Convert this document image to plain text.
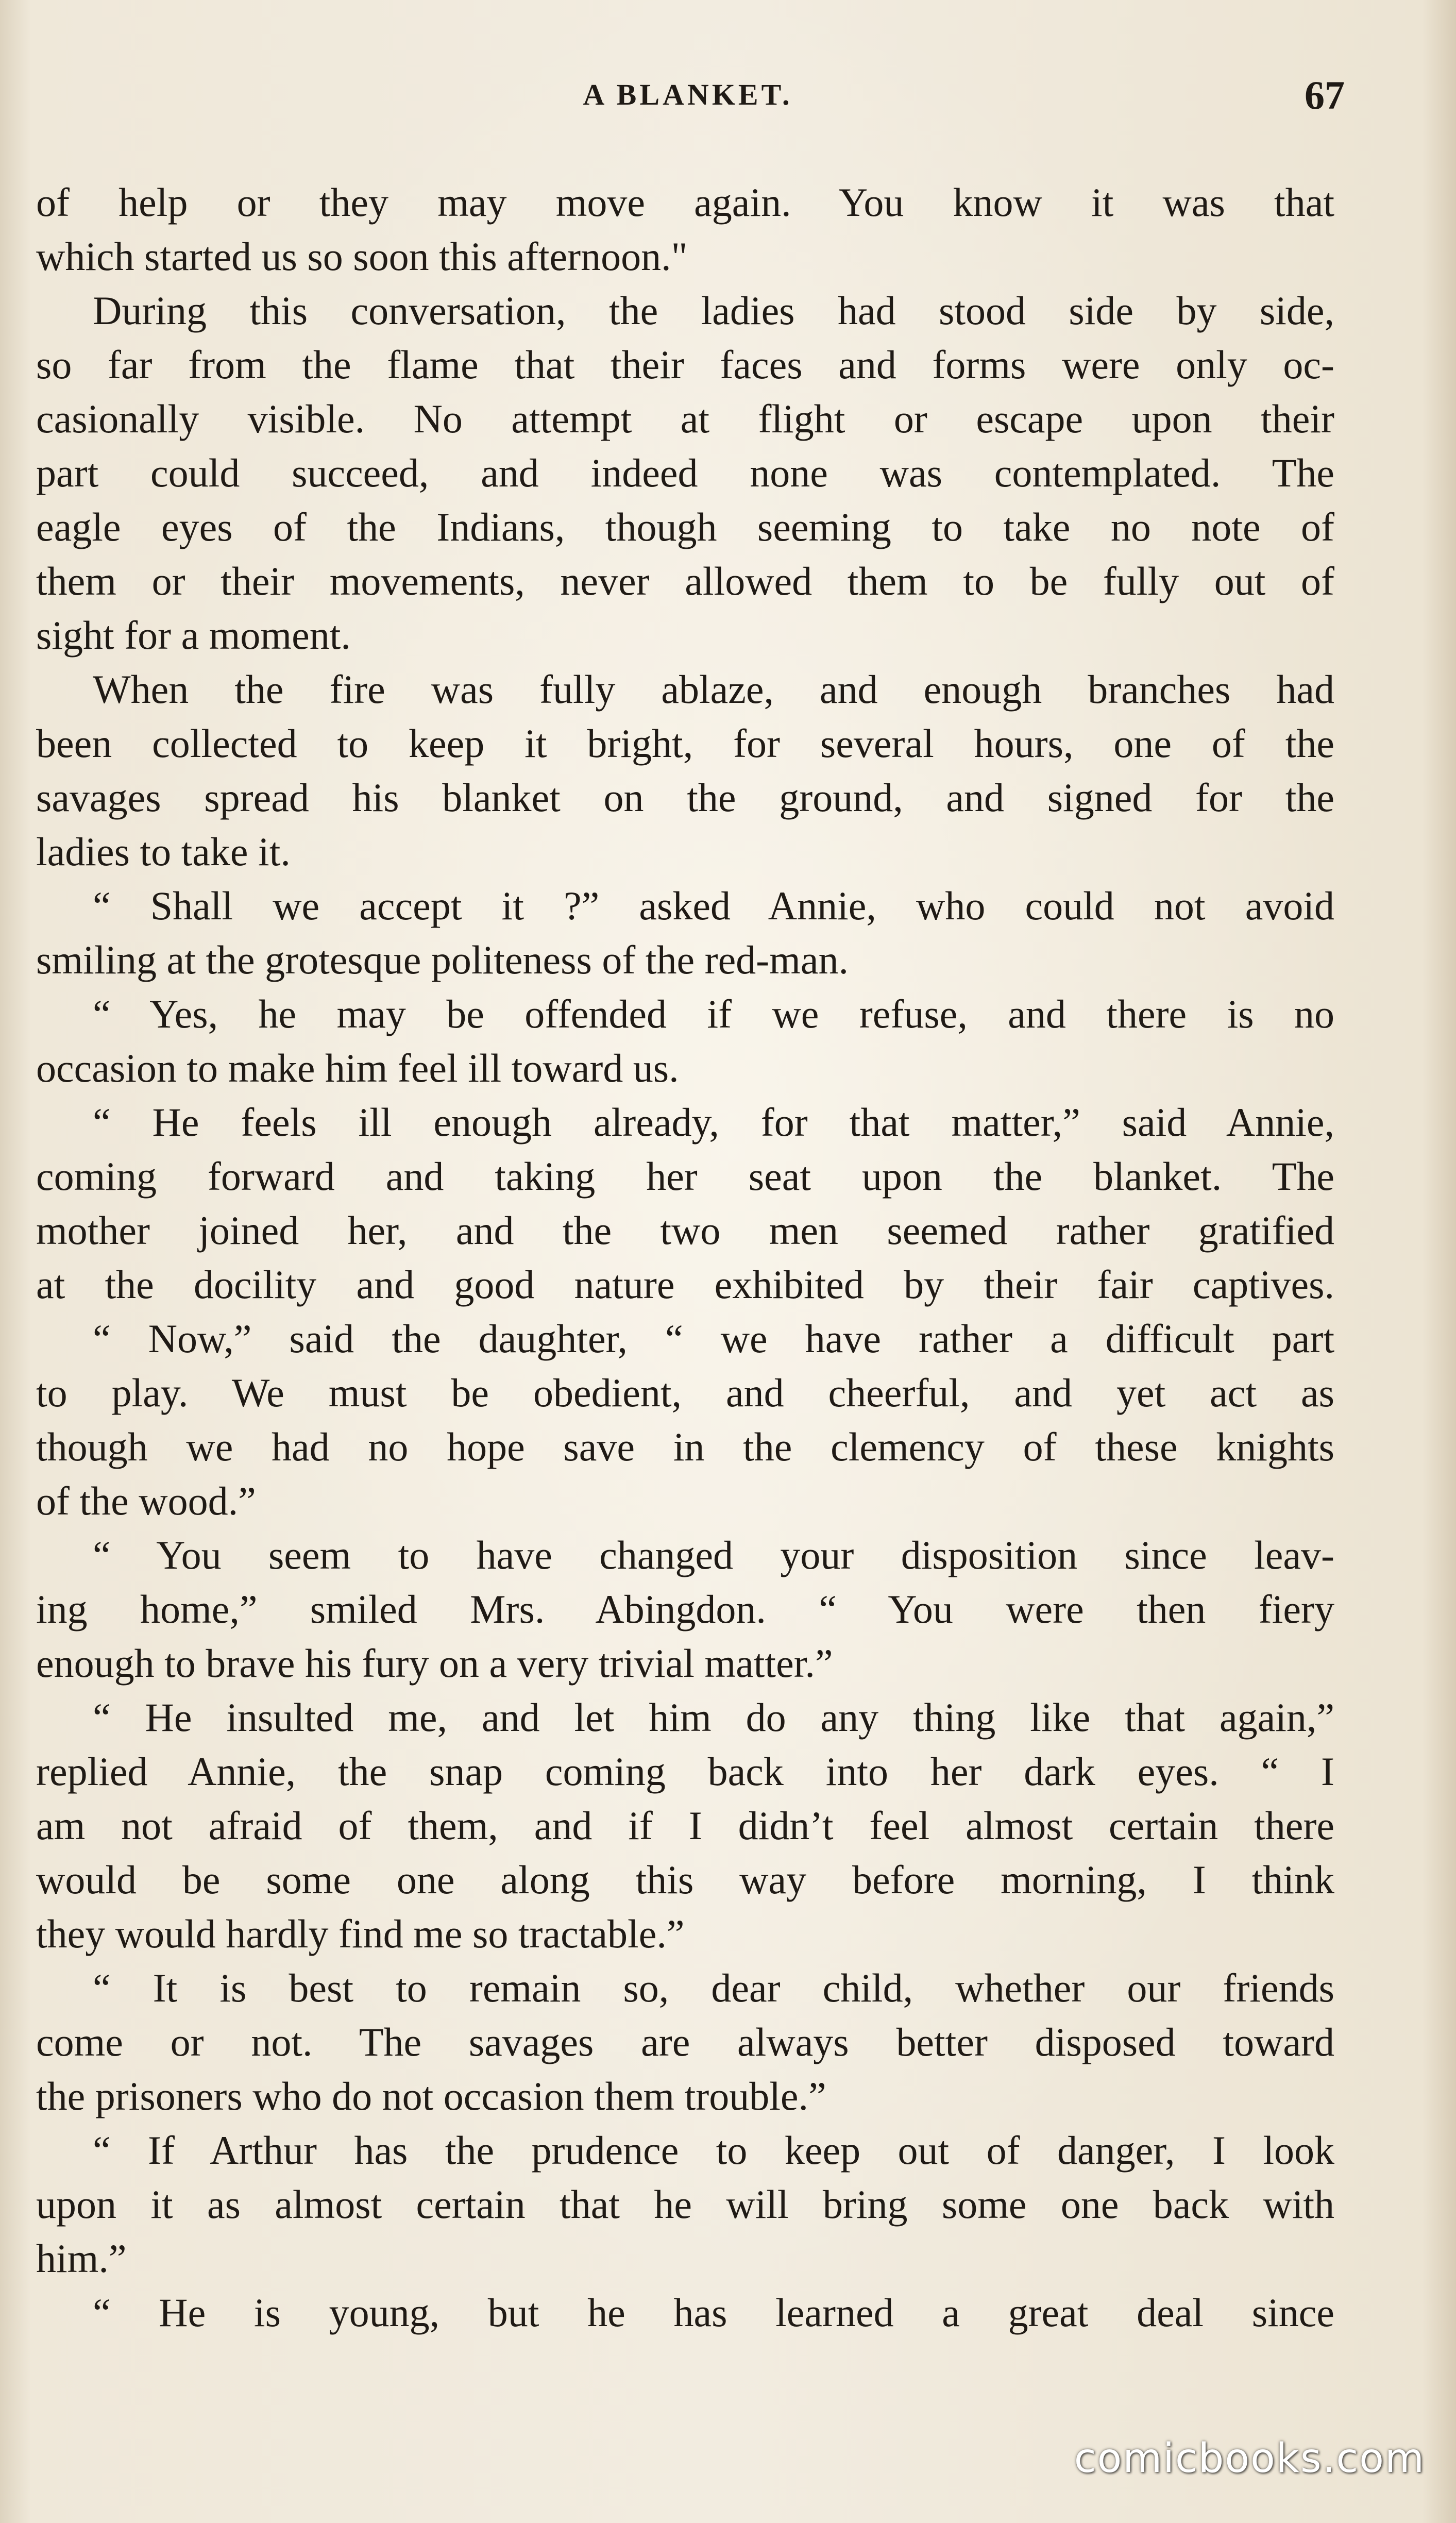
A BLANKET.	67
of help or they may move again. You know it was that
which started us so soon this afternoon."
During this conversation, the ladies had stood side by side,
so far from the flame that their faces and forms were only oc-
casionally visible. No attempt at flight or escape upon their
part could succeed, and indeed none was contemplated. The
eagle eyes of the Indians, though seeming to take no note of
them or their movements, never allowed them to be fully out of
sight for a moment.
When the fire was fully ablaze, and enough branches had
been collected to keep it bright, for several hours, one of the
savages spread his blanket on the ground, and signed for the
ladies to take it.
“ Shall we accept it ?” asked Annie, who could not avoid
smiling at the grotesque politeness of the red-man.
“ Yes, he may be offended if we refuse, and there is no
occasion to make him feel ill toward us.
“ He feels ill enough already, for that matter,” said Annie,
coming forward and taking her seat upon the blanket. The
mother joined her, and the two men seemed rather gratified
at the docility and good nature exhibited by their fair captives.
“ Now,” said the daughter, “ we have rather a difficult part
to play. We must be obedient, and cheerful, and yet act as
though we had no hope save in the clemency of these knights
of the wood.”
“ You seem to have changed your disposition since leav-
ing home,” smiled Mrs. Abingdon. “ You were then fiery
enough to brave his fury on a very trivial matter.”
“ He insulted me, and let him do any thing like that again,”
replied Annie, the snap coming back into her dark eyes. “ I
am not afraid of them, and if I didn’t feel almost certain there
would be some one along this way before morning, I think
they would hardly find me so tractable.”
“ It is best to remain so, dear child, whether our friends
come or not. The savages are always better disposed toward
the prisoners who do not occasion them trouble.”
“ If Arthur has the prudence to keep out of danger, I look
upon it as almost certain that he will bring some one back with
him.”
“ He is young, but he has learned a great deal since
comicbooks.com
